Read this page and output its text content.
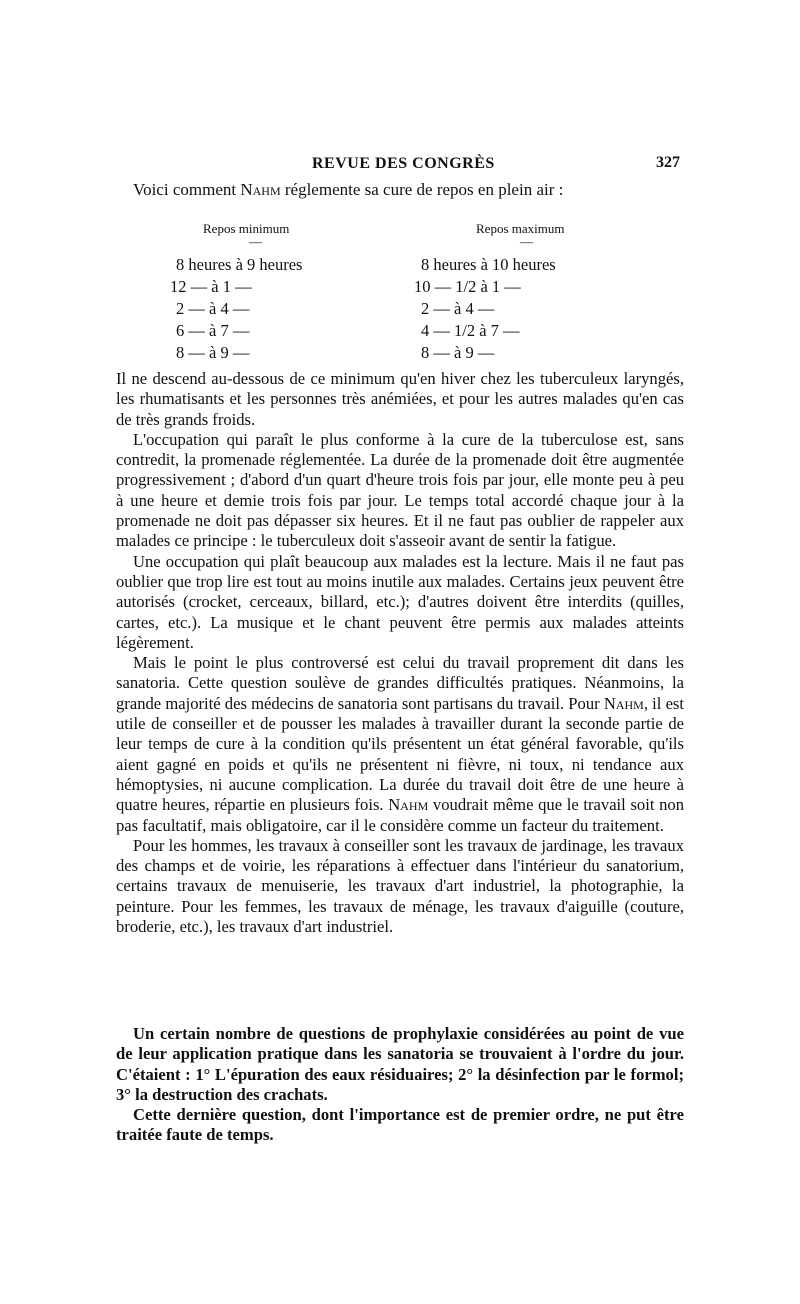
REVUE DES CONGRÈS	327
Voici comment Nahm réglemente sa cure de repos en plein air :
Repos minimum
—
Repos maximum
—
8 heures à 9 heures
12 — à 1 —
2 — à 4 —
6 — à 7 —
8 — à 9 —
8 heures à 10 heures
10 — 1/2 à 1 —
2 — à 4 —
4 — 1/2 à 7 —
8 — à 9 —

Il ne descend au-dessous de ce minimum qu'en hiver chez les tuberculeux laryngés, les rhumatisants et les personnes très anémiées, et pour les autres malades qu'en cas de très grands froids.

L'occupation qui paraît le plus conforme à la cure de la tuberculose est, sans contredit, la promenade réglementée. La durée de la promenade doit être augmentée progressivement ; d'abord d'un quart d'heure trois fois par jour, elle monte peu à peu à une heure et demie trois fois par jour. Le temps total accordé chaque jour à la promenade ne doit pas dépasser six heures. Et il ne faut pas oublier de rappeler aux malades ce principe : le tuberculeux doit s'asseoir avant de sentir la fatigue.

Une occupation qui plaît beaucoup aux malades est la lecture. Mais il ne faut pas oublier que trop lire est tout au moins inutile aux malades. Certains jeux peuvent être autorisés (crocket, cerceaux, billard, etc.); d'autres doivent être interdits (quilles, cartes, etc.). La musique et le chant peuvent être permis aux malades atteints légèrement.

Mais le point le plus controversé est celui du travail proprement dit dans les sanatoria. Cette question soulève de grandes difficultés pratiques. Néanmoins, la grande majorité des médecins de sanatoria sont partisans du travail. Pour Nahm, il est utile de conseiller et de pousser les malades à travailler durant la seconde partie de leur temps de cure à la condition qu'ils présentent un état général favorable, qu'ils aient gagné en poids et qu'ils ne présentent ni fièvre, ni toux, ni tendance aux hémoptysies, ni aucune complication. La durée du travail doit être de une heure à quatre heures, répartie en plusieurs fois. Nahm voudrait même que le travail soit non pas facultatif, mais obligatoire, car il le considère comme un facteur du traitement.

Pour les hommes, les travaux à conseiller sont les travaux de jardinage, les travaux des champs et de voirie, les réparations à effectuer dans l'intérieur du sanatorium, certains travaux de menuiserie, les travaux d'art industriel, la photographie, la peinture. Pour les femmes, les travaux de ménage, les travaux d'aiguille (couture, broderie, etc.), les travaux d'art industriel.

Un certain nombre de questions de prophylaxie considérées au point de vue de leur application pratique dans les sanatoria se trouvaient à l'ordre du jour. C'étaient : 1° L'épuration des eaux résiduaires; 2° la désinfection par le formol; 3° la destruction des crachats.

Cette dernière question, dont l'importance est de premier ordre, ne put être traitée faute de temps.
